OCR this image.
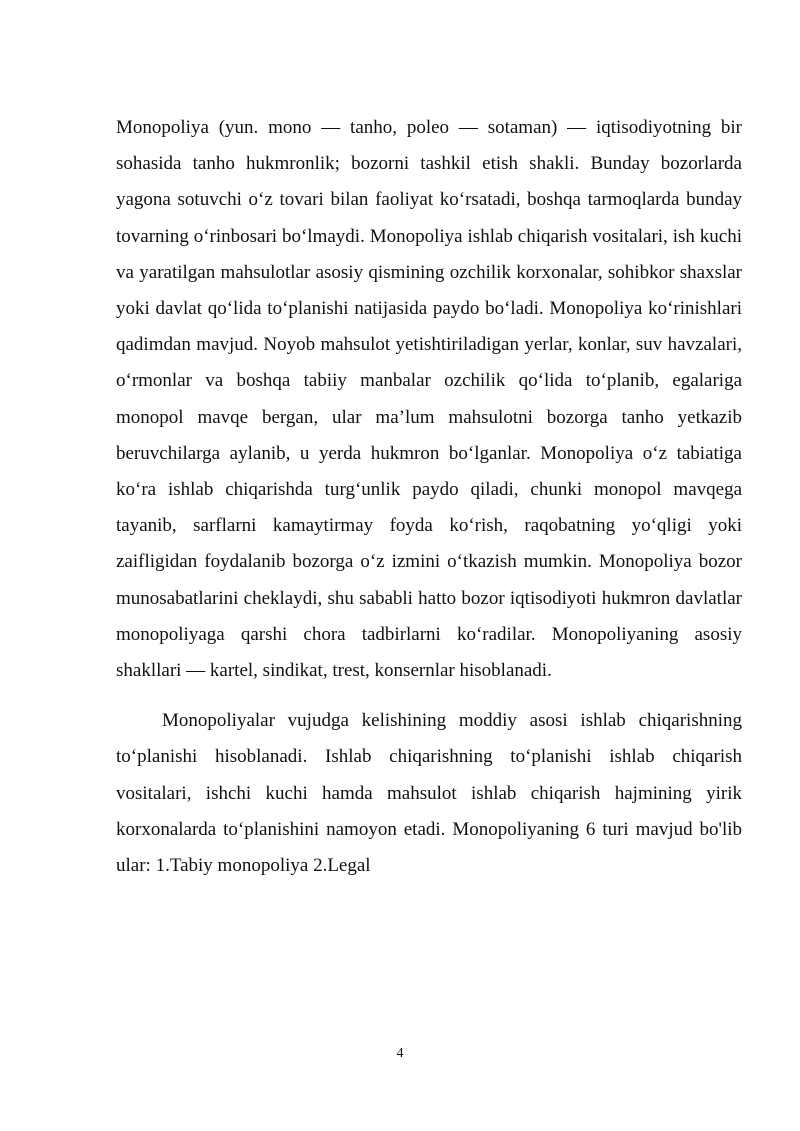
Monopoliya (yun. mono — tanho, poleo — sotaman) — iqtisodiyotning bir sohasida tanho hukmronlik; bozorni tashkil etish shakli. Bunday bozorlarda yagona sotuvchi o‘z tovari bilan faoliyat ko‘rsatadi, boshqa tarmoqlarda bunday tovarning o‘rinbosari bo‘lmaydi. Monopoliya ishlab chiqarish vositalari, ish kuchi va yaratilgan mahsulotlar asosiy qismining ozchilik korxonalar, sohibkor shaxslar yoki davlat qo‘lida to‘planishi natijasida paydo bo‘ladi. Monopoliya ko‘rinishlari qadimdan mavjud. Noyob mahsulot yetishtiriladigan yerlar, konlar, suv havzalari, o‘rmonlar va boshqa tabiiy manbalar ozchilik qo‘lida to‘planib, egalariga monopol mavqe bergan, ular ma’lum mahsulotni bozorga tanho yetkazib beruvchilarga aylanib, u yerda hukmron bo‘lganlar. Monopoliya o‘z tabiatiga ko‘ra ishlab chiqarishda turg‘unlik paydo qiladi, chunki monopol mavqega tayanib, sarflarni kamaytirmay foyda ko‘rish, raqobatning yo‘qligi yoki zaifligidan foydalanib bozorga o‘z izmini o‘tkazish mumkin. Monopoliya bozor munosabatlarini cheklaydi, shu sababli hatto bozor iqtisodiyoti hukmron davlatlar monopoliyaga qarshi chora tadbirlarni ko‘radilar. Monopoliyaning asosiy shakllari — kartel, sindikat, trest, konsernlar hisoblanadi.

Monopoliyalar vujudga kelishining moddiy asosi ishlab chiqarishning to‘planishi hisoblanadi. Ishlab chiqarishning to‘planishi ishlab chiqarish vositalari, ishchi kuchi hamda mahsulot ishlab chiqarish hajmining yirik korxonalarda to‘planishini namoyon etadi. Monopoliyaning 6 turi mavjud bo'lib ular: 1.Tabiy monopoliya 2.Legal

4
